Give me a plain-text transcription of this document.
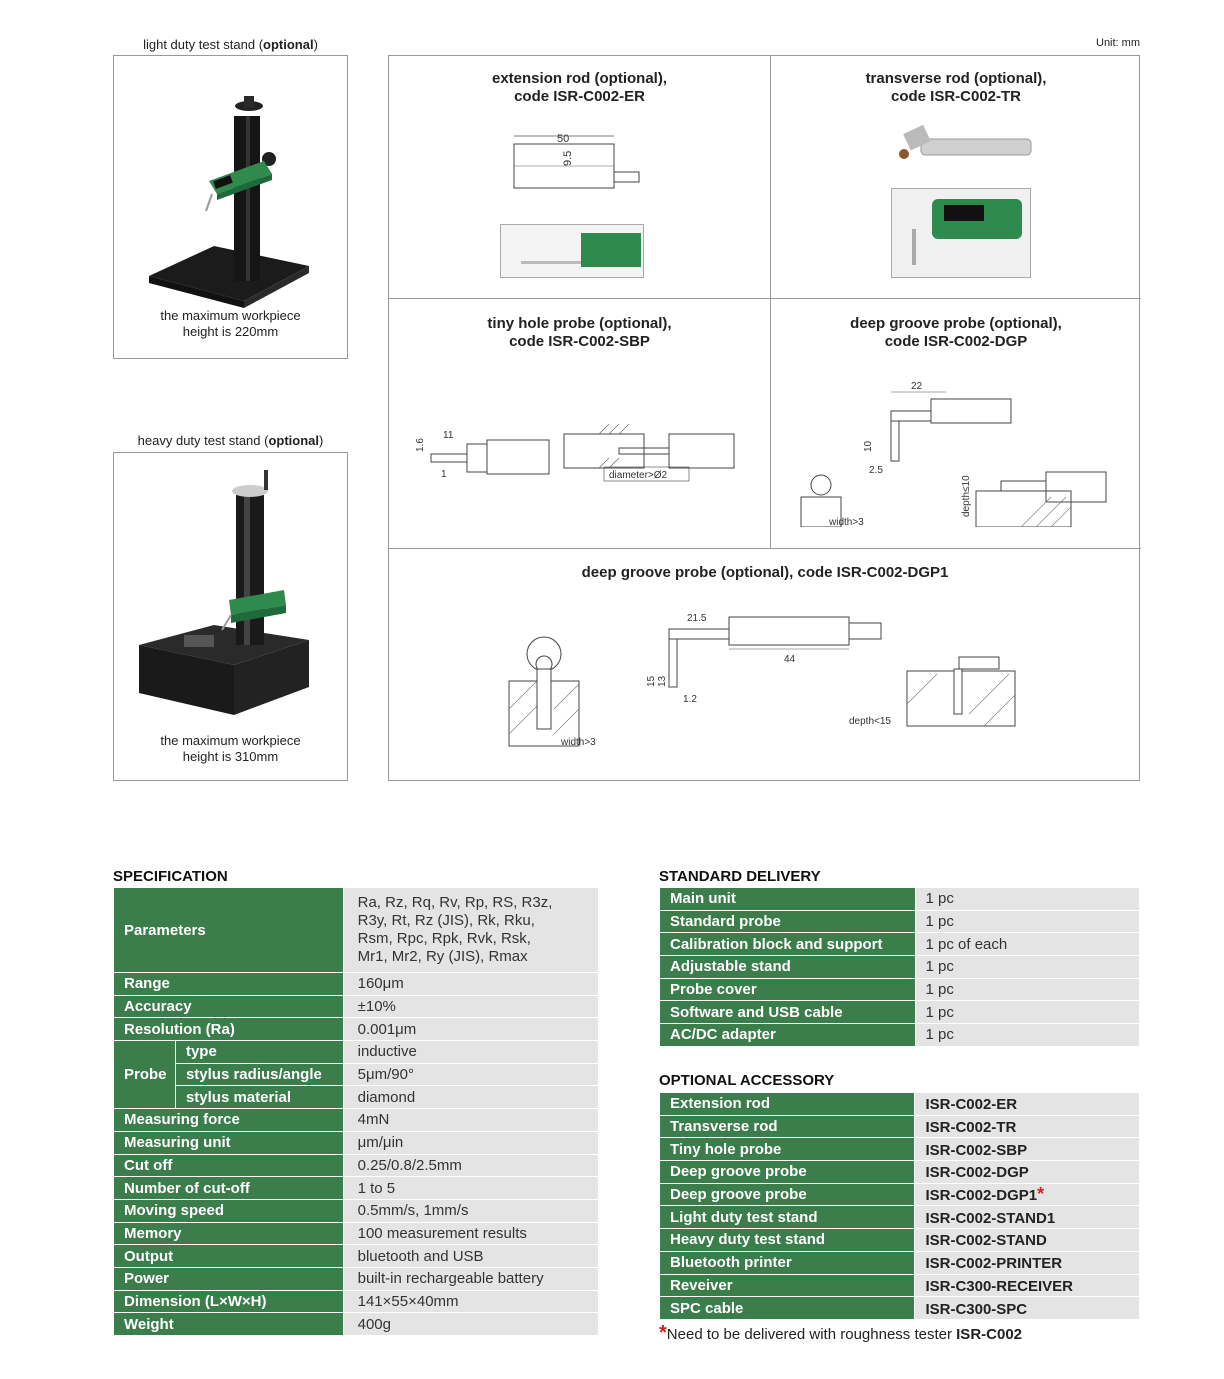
Unit: mm
light duty test stand (optional)
the maximum workpiece
height is 220mm
heavy duty test stand (optional)
the maximum workpiece
height is 310mm
extension rod (optional),
code ISR-C002-ER
50
9.5
transverse rod (optional),
code ISR-C002-TR
tiny hole probe (optional),
code ISR-C002-SBP
1.6
11
1	diameter>Ø2
deep groove probe (optional),
code ISR-C002-DGP
22
10
2.5
width>3
depth≤10
deep groove probe (optional), code ISR-C002-DGP1
width>3
21.5
44
15 13
1.2
depth<15
SPECIFICATION
Parameters		Ra, Rz, Rq, Rv, Rp, RS, R3z,
R3y, Rt, Rz (JIS), Rk, Rku,
Rsm, Rpc, Rpk, Rvk, Rsk,
Mr1, Mr2, Ry (JIS), Rmax

Range		160μm
Accuracy		±10%
Resolution (Ra)		0.001μm
Probe	type	inductive
	stylus radius/angle	5μm/90°
	stylus material	diamond
Measuring force		4mN
Measuring unit		μm/μin
Cut off		0.25/0.8/2.5mm
Number of cut-off		1 to 5
Moving speed		0.5mm/s, 1mm/s
Memory		100 measurement results
Output		bluetooth and USB
Power		built-in rechargeable battery
Dimension (L×W×H)		141×55×40mm
Weight		400g
STANDARD DELIVERY
Main unit	1 pc
Standard probe	1 pc
Calibration block and support	1 pc of each
Adjustable stand	1 pc
Probe cover	1 pc
Software and USB cable	1 pc
AC/DC adapter	1 pc
OPTIONAL ACCESSORY
Extension rod	ISR-C002-ER
Transverse rod	ISR-C002-TR
Tiny hole probe	ISR-C002-SBP
Deep groove probe	ISR-C002-DGP
Deep groove probe	ISR-C002-DGP1*
Light duty test stand	ISR-C002-STAND1
Heavy duty test stand	ISR-C002-STAND
Bluetooth printer	ISR-C002-PRINTER
Reveiver	ISR-C300-RECEIVER
SPC cable	ISR-C300-SPC
*Need to be delivered with roughness tester ISR-C002
